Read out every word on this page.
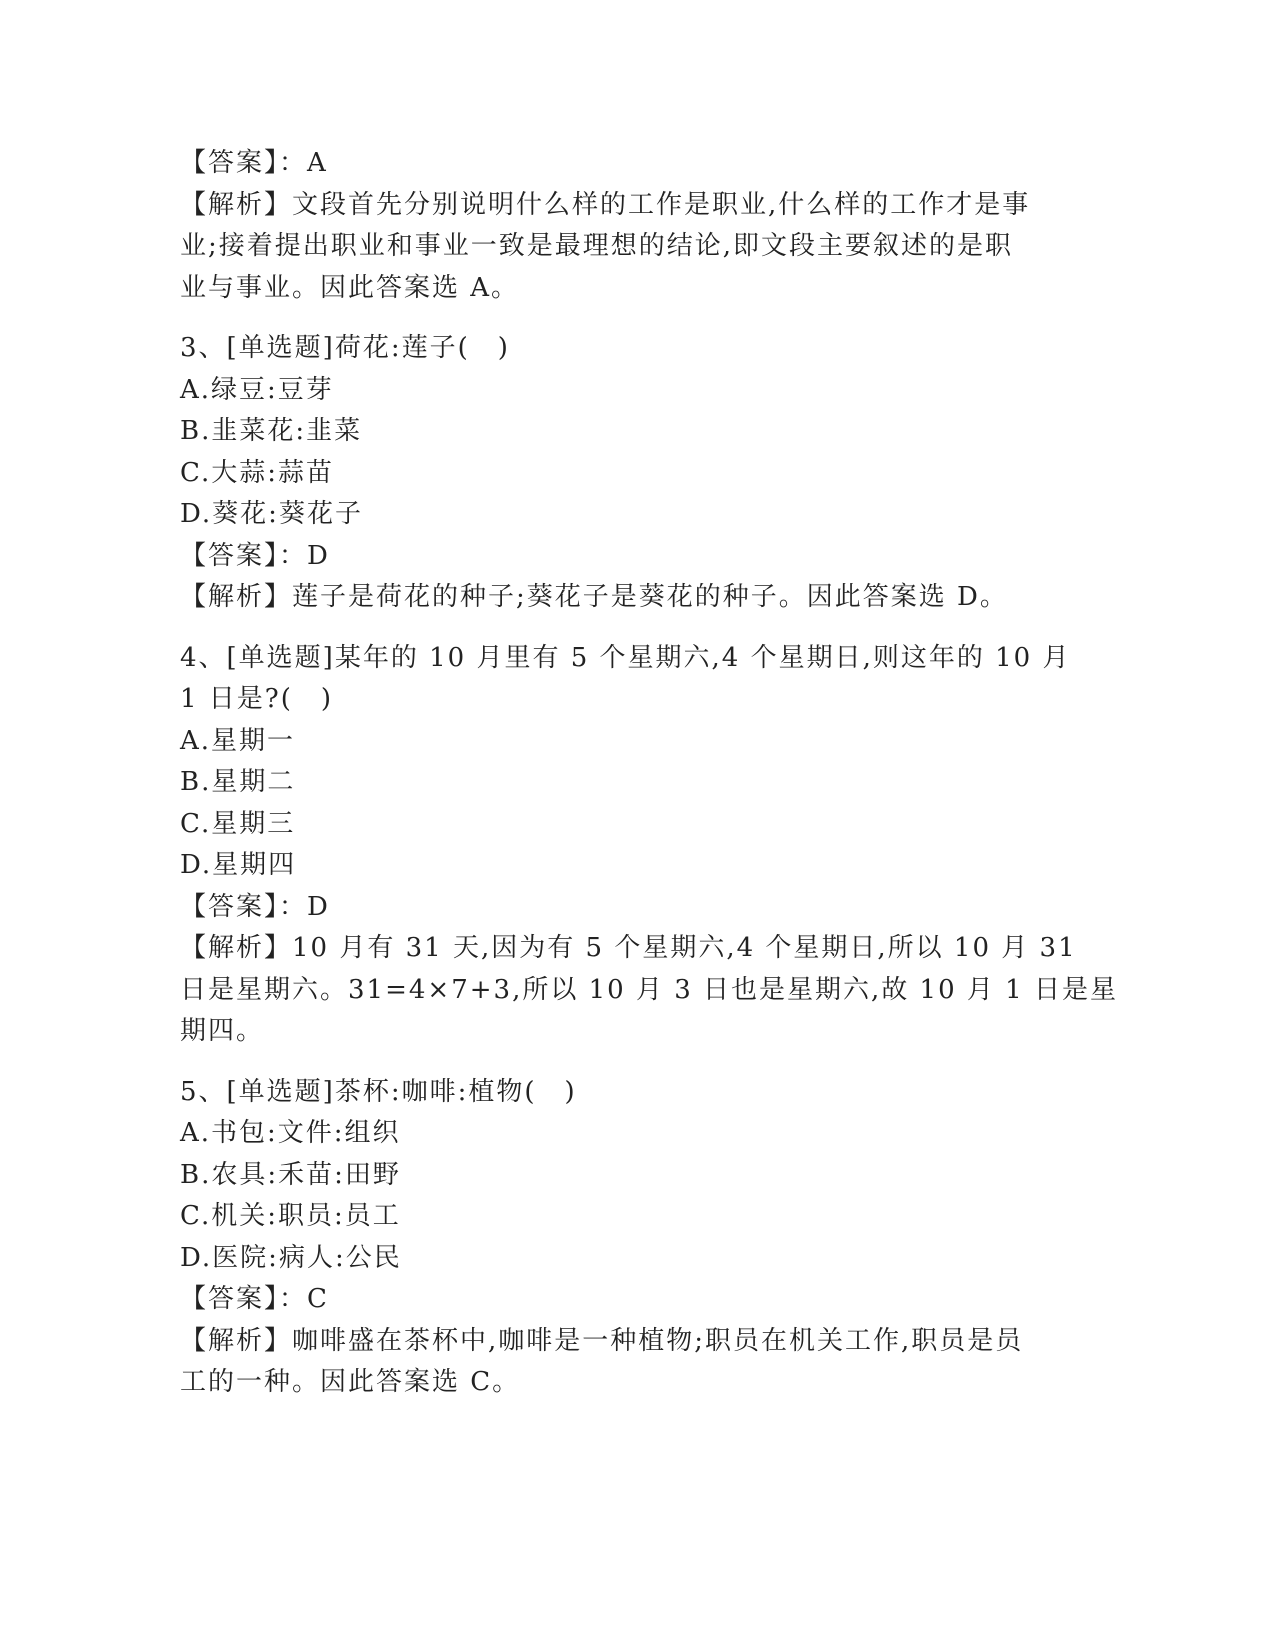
【答案】：A

【解析】文段首先分别说明什么样的工作是职业,什么样的工作才是事

业;接着提出职业和事业一致是最理想的结论,即文段主要叙述的是职

业与事业。因此答案选 A。

3、[单选题]荷花:莲子(　)

A.绿豆:豆芽

B.韭菜花:韭菜

C.大蒜:蒜苗

D.葵花:葵花子

【答案】：D

【解析】莲子是荷花的种子;葵花子是葵花的种子。因此答案选 D。

4、[单选题]某年的 10 月里有 5 个星期六,4 个星期日,则这年的 10 月

1 日是?(　)

A.星期一

B.星期二

C.星期三

D.星期四

【答案】：D

【解析】10 月有 31 天,因为有 5 个星期六,4 个星期日,所以 10 月 31

日是星期六。31=4×7+3,所以 10 月 3 日也是星期六,故 10 月 1 日是星

期四。

5、[单选题]茶杯:咖啡:植物(　)

A.书包:文件:组织

B.农具:禾苗:田野

C.机关:职员:员工

D.医院:病人:公民

【答案】：C

【解析】咖啡盛在茶杯中,咖啡是一种植物;职员在机关工作,职员是员

工的一种。因此答案选 C。
